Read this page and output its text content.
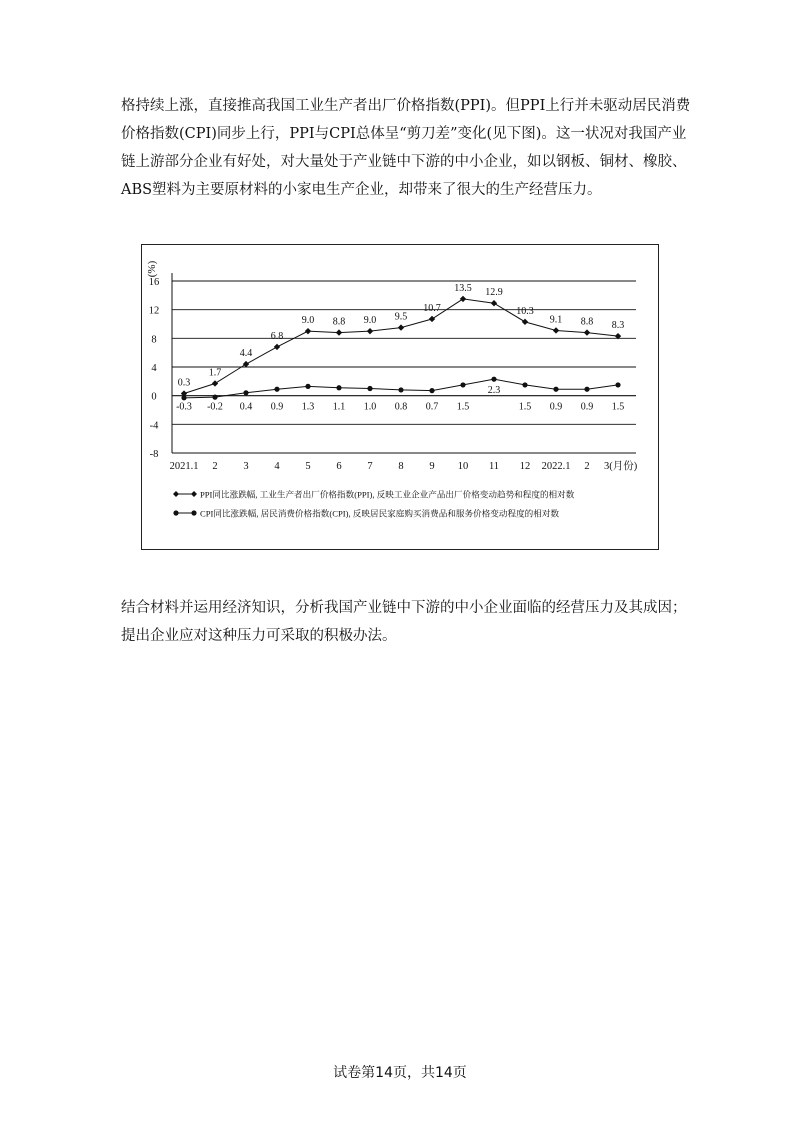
格持续上涨，直接推高我国工业生产者出厂价格指数(PPI)。但PPI上行并未驱动居民消费

价格指数(CPI)同步上行，PPI与CPI总体呈“剪刀差”变化(见下图)。这一状况对我国产业

链上游部分企业有好处，对大量处于产业链中下游的中小企业，如以钢板、铜材、橡胶、

ABS塑料为主要原材料的小家电生产企业，却带来了很大的生产经营压力。

(%)
16
12
8
4
0
-4
-8
2021.1 2 3 4 5 6 7 8 9 10 11 12 2022.1 2 3(月份)
0.3
1.7
4.4
6.8
9.0 8.8 9.0 9.5
10.7
13.5 12.9
10.3
9.1 8.8 8.3
-0.3 -0.2 0.4 0.9 1.3 1.1 1.0 0.8 0.7 1.5
2.3
1.5 0.9 0.9 1.5
PPI同比涨跌幅, 工业生产者出厂价格指数(PPI), 反映工业企业产品出厂价格变动趋势和程度的相对数
CPI同比涨跌幅, 居民消费价格指数(CPI), 反映居民家庭购买消费品和服务价格变动程度的相对数

结合材料并运用经济知识，分析我国产业链中下游的中小企业面临的经营压力及其成因；

提出企业应对这种压力可采取的积极办法。

试卷第14页，共14页
